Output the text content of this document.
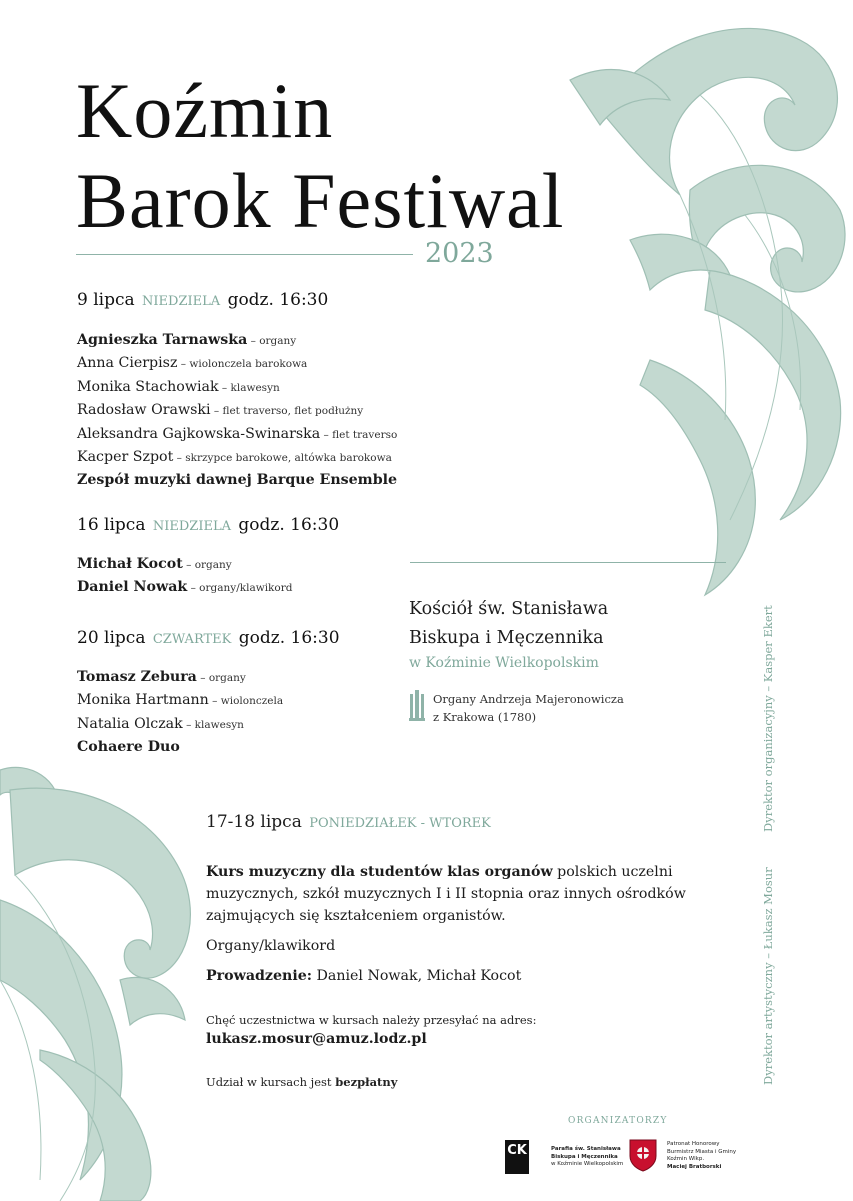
Koźmin
Barok Festiwal
2023
9 lipca NIEDZIELA godz. 16:30
Agnieszka Tarnawska – organy
Anna Cierpisz – wiolonczela barokowa
Monika Stachowiak – klawesyn
Radosław Orawski – flet traverso, flet podłużny
Aleksandra Gajkowska-Swinarska – flet traverso
Kacper Szpot – skrzypce barokowe, altówka barokowa
Zespół muzyki dawnej Barque Ensemble
16 lipca NIEDZIELA godz. 16:30
Michał Kocot – organy
Daniel Nowak – organy/klawikord
20 lipca CZWARTEK godz. 16:30
Tomasz Zebura – organy
Monika Hartmann – wiolonczela
Natalia Olczak – klawesyn
Cohaere Duo
Kościół św. Stanisława
Biskupa i Męczennika
w Koźminie Wielkopolskim
Organy Andrzeja Majeronowicza
z Krakowa (1780)
17-18 lipca PONIEDZIAŁEK - WTOREK

Kurs muzyczny dla studentów klas organów polskich uczelni muzycznych, szkół muzycznych I i II stopnia oraz innych ośrodków zajmujących się kształceniem organistów.

Organy/klawikord

Prowadzenie: Daniel Nowak, Michał Kocot

Chęć uczestnictwa w kursach należy przesyłać na adres:

lukasz.mosur@amuz.lodz.pl

Udział w kursach jest bezpłatny

Dyrektor organizacyjny – Kasper Ekert
Dyrektor artystyczny – Łukasz Mosur
ORGANIZATORZY
CK	Parafia św. Stanisława
Biskupa i Męczennika
w Koźminie Wielkopolskim
Patronat Honorowy
Burmistrz Miasta i Gminy
Koźmin Wlkp.
Maciej Bratborski
